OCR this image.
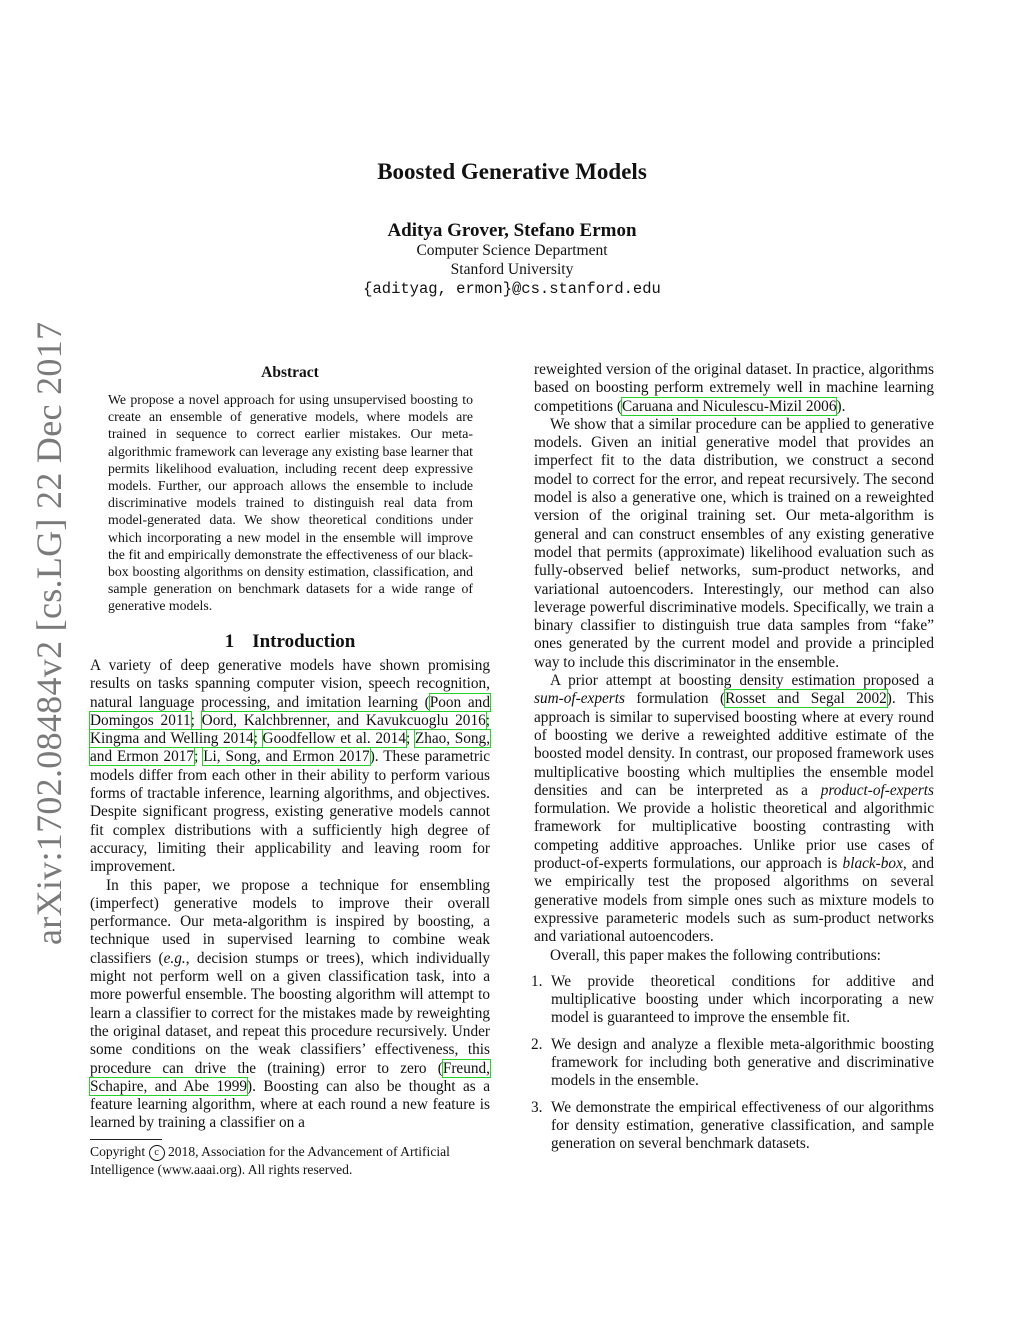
arXiv:1702.08484v2 [cs.LG] 22 Dec 2017
Boosted Generative Models
Aditya Grover, Stefano Ermon
Computer Science Department
Stanford University
{adityag, ermon}@cs.stanford.edu
Abstract
We propose a novel approach for using unsupervised boosting to create an ensemble of generative models, where models are trained in sequence to correct earlier mistakes. Our meta-algorithmic framework can leverage any existing base learner that permits likelihood evaluation, including recent deep expressive models. Further, our approach allows the ensemble to include discriminative models trained to distinguish real data from model-generated data. We show theoretical conditions under which incorporating a new model in the ensemble will improve the fit and empirically demonstrate the effectiveness of our black-box boosting algorithms on density estimation, classification, and sample generation on benchmark datasets for a wide range of generative models.
1 Introduction

A variety of deep generative models have shown promising results on tasks spanning computer vision, speech recognition, natural language processing, and imitation learning (Poon and Domingos 2011; Oord, Kalchbrenner, and Kavukcuoglu 2016; Kingma and Welling 2014; Goodfellow et al. 2014; Zhao, Song, and Ermon 2017; Li, Song, and Ermon 2017). These parametric models differ from each other in their ability to perform various forms of tractable inference, learning algorithms, and objectives. Despite significant progress, existing generative models cannot fit complex distributions with a sufficiently high degree of accuracy, limiting their applicability and leaving room for improvement.

In this paper, we propose a technique for ensembling (imperfect) generative models to improve their overall performance. Our meta-algorithm is inspired by boosting, a technique used in supervised learning to combine weak classifiers (e.g., decision stumps or trees), which individually might not perform well on a given classification task, into a more powerful ensemble. The boosting algorithm will attempt to learn a classifier to correct for the mistakes made by reweighting the original dataset, and repeat this procedure recursively. Under some conditions on the weak classifiers’ effectiveness, this procedure can drive the (training) error to zero (Freund, Schapire, and Abe 1999). Boosting can also be thought as a feature learning algorithm, where at each round a new feature is learned by training a classifier on a

Copyright c 2018, Association for the Advancement of Artificial Intelligence (www.aaai.org). All rights reserved.

reweighted version of the original dataset. In practice, algorithms based on boosting perform extremely well in machine learning competitions (Caruana and Niculescu-Mizil 2006).

We show that a similar procedure can be applied to generative models. Given an initial generative model that provides an imperfect fit to the data distribution, we construct a second model to correct for the error, and repeat recursively. The second model is also a generative one, which is trained on a reweighted version of the original training set. Our meta-algorithm is general and can construct ensembles of any existing generative model that permits (approximate) likelihood evaluation such as fully-observed belief networks, sum-product networks, and variational autoencoders. Interestingly, our method can also leverage powerful discriminative models. Specifically, we train a binary classifier to distinguish true data samples from “fake” ones generated by the current model and provide a principled way to include this discriminator in the ensemble.

A prior attempt at boosting density estimation proposed a sum-of-experts formulation (Rosset and Segal 2002). This approach is similar to supervised boosting where at every round of boosting we derive a reweighted additive estimate of the boosted model density. In contrast, our proposed framework uses multiplicative boosting which multiplies the ensemble model densities and can be interpreted as a product-of-experts formulation. We provide a holistic theoretical and algorithmic framework for multiplicative boosting contrasting with competing additive approaches. Unlike prior use cases of product-of-experts formulations, our approach is black-box, and we empirically test the proposed algorithms on several generative models from simple ones such as mixture models to expressive parameteric models such as sum-product networks and variational autoencoders.

Overall, this paper makes the following contributions:

1. We provide theoretical conditions for additive and multiplicative boosting under which incorporating a new model is guaranteed to improve the ensemble fit.
2. We design and analyze a flexible meta-algorithmic boosting framework for including both generative and discriminative models in the ensemble.
3. We demonstrate the empirical effectiveness of our algorithms for density estimation, generative classification, and sample generation on several benchmark datasets.
